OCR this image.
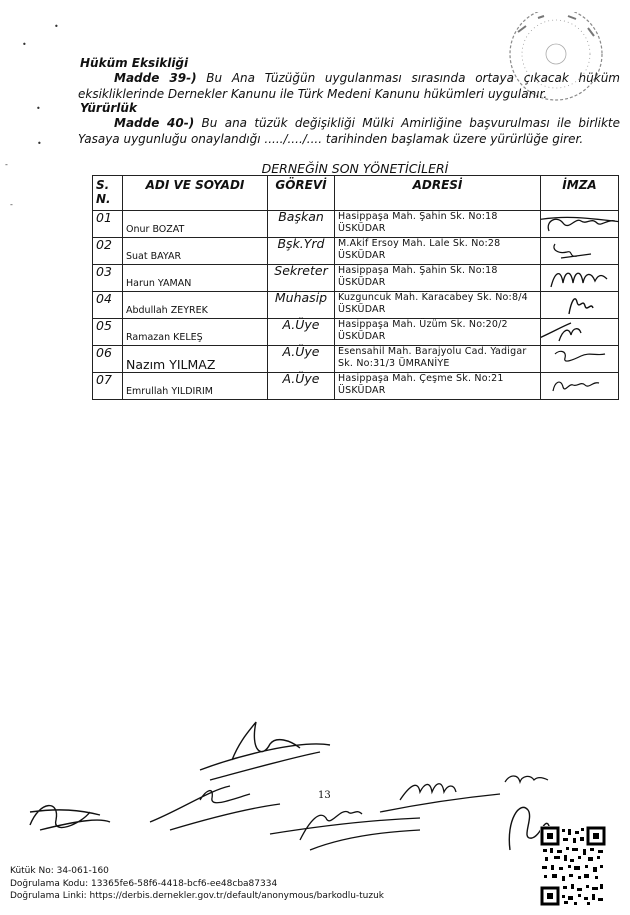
•
•
•
•
-
-
Hüküm Eksikliği
Madde 39-) Bu Ana Tüzüğün uygulanması sırasında ortaya çıkacak hüküm eksikliklerinde Dernekler Kanunu ile Türk Medeni Kanunu hükümleri uygulanır.
Yürürlük
Madde 40-) Bu ana tüzük değişikliği Mülki Amirliğine başvurulması ile birlikte Yasaya uygunluğu onaylandığı ...../..../.... tarihinden başlamak üzere yürürlüğe girer.
DERNEĞİN SON YÖNETİCİLERİ
S. N.	ADI VE SOYADI	GÖREVİ	ADRESİ	İMZA
01	Onur BOZAT	Başkan	Hasippaşa Mah. Şahin Sk. No:18 ÜSKÜDAR	

02	Suat BAYAR	Bşk.Yrd	M.Akif Ersoy Mah. Lale Sk. No:28 ÜSKÜDAR	

03	Harun YAMAN	Sekreter	Hasippaşa Mah. Şahin Sk. No:18 ÜSKÜDAR	

04	Abdullah ZEYREK	Muhasip	Kuzguncuk Mah. Karacabey Sk. No:8/4 ÜSKÜDAR	

05	Ramazan KELEŞ	A.Üye	Hasippaşa Mah. Üzüm Sk. No:20/2 ÜSKÜDAR	

06	Nazım YILMAZ	A.Üye	Esensahil Mah. Barajyolu Cad. Yadigar Sk. No:31/3 ÜMRANİYE	

07	Emrullah YILDIRIM	A.Üye	Hasippaşa Mah. Çeşme Sk. No:21 ÜSKÜDAR	
13
Kütük No: 34-061-160
Doğrulama Kodu: 13365fe6-58f6-4418-bcf6-ee48cba87334
Doğrulama Linki: https://derbis.dernekler.gov.tr/default/anonymous/barkodlu-tuzuk
